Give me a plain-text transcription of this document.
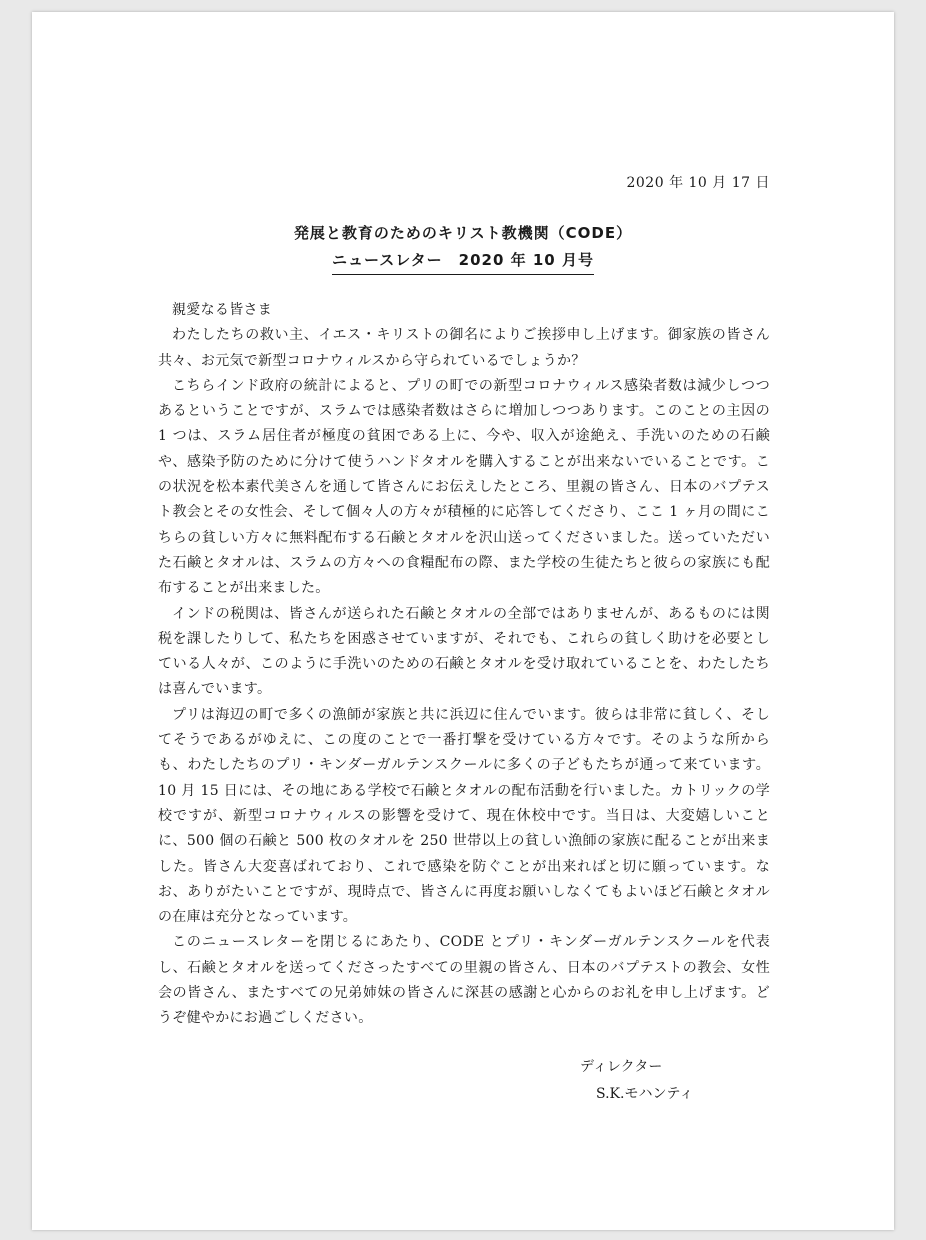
2020 年 10 月 17 日
発展と教育のためのキリスト教機関（CODE）
ニュースレター　2020 年 10 月号

親愛なる皆さま

わたしたちの救い主、イエス・キリストの御名によりご挨拶申し上げます。御家族の皆さん共々、お元気で新型コロナウィルスから守られているでしょうか？

こちらインド政府の統計によると、プリの町での新型コロナウィルス感染者数は減少しつつあるということですが、スラムでは感染者数はさらに増加しつつあります。このことの主因の 1 つは、スラム居住者が極度の貧困である上に、今や、収入が途絶え、手洗いのための石鹸や、感染予防のために分けて使うハンドタオルを購入することが出来ないでいることです。この状況を松本素代美さんを通して皆さんにお伝えしたところ、里親の皆さん、日本のバプテスト教会とその女性会、そして個々人の方々が積極的に応答してくださり、ここ 1 ヶ月の間にこちらの貧しい方々に無料配布する石鹸とタオルを沢山送ってくださいました。送っていただいた石鹸とタオルは、スラムの方々への食糧配布の際、また学校の生徒たちと彼らの家族にも配布することが出来ました。

インドの税関は、皆さんが送られた石鹸とタオルの全部ではありませんが、あるものには関税を課したりして、私たちを困惑させていますが、それでも、これらの貧しく助けを必要としている人々が、このように手洗いのための石鹸とタオルを受け取れていることを、わたしたちは喜んでいます。

プリは海辺の町で多くの漁師が家族と共に浜辺に住んでいます。彼らは非常に貧しく、そしてそうであるがゆえに、この度のことで一番打撃を受けている方々です。そのような所からも、わたしたちのプリ・キンダーガルテンスクールに多くの子どもたちが通って来ています。10 月 15 日には、その地にある学校で石鹸とタオルの配布活動を行いました。カトリックの学校ですが、新型コロナウィルスの影響を受けて、現在休校中です。当日は、大変嬉しいことに、500 個の石鹸と 500 枚のタオルを 250 世帯以上の貧しい漁師の家族に配ることが出来ました。皆さん大変喜ばれており、これで感染を防ぐことが出来ればと切に願っています。なお、ありがたいことですが、現時点で、皆さんに再度お願いしなくてもよいほど石鹸とタオルの在庫は充分となっています。

このニュースレターを閉じるにあたり、CODE とプリ・キンダーガルテンスクールを代表し、石鹸とタオルを送ってくださったすべての里親の皆さん、日本のバプテストの教会、女性会の皆さん、またすべての兄弟姉妹の皆さんに深甚の感謝と心からのお礼を申し上げます。どうぞ健やかにお過ごしください。

ディレクター
S.K.モハンティ
